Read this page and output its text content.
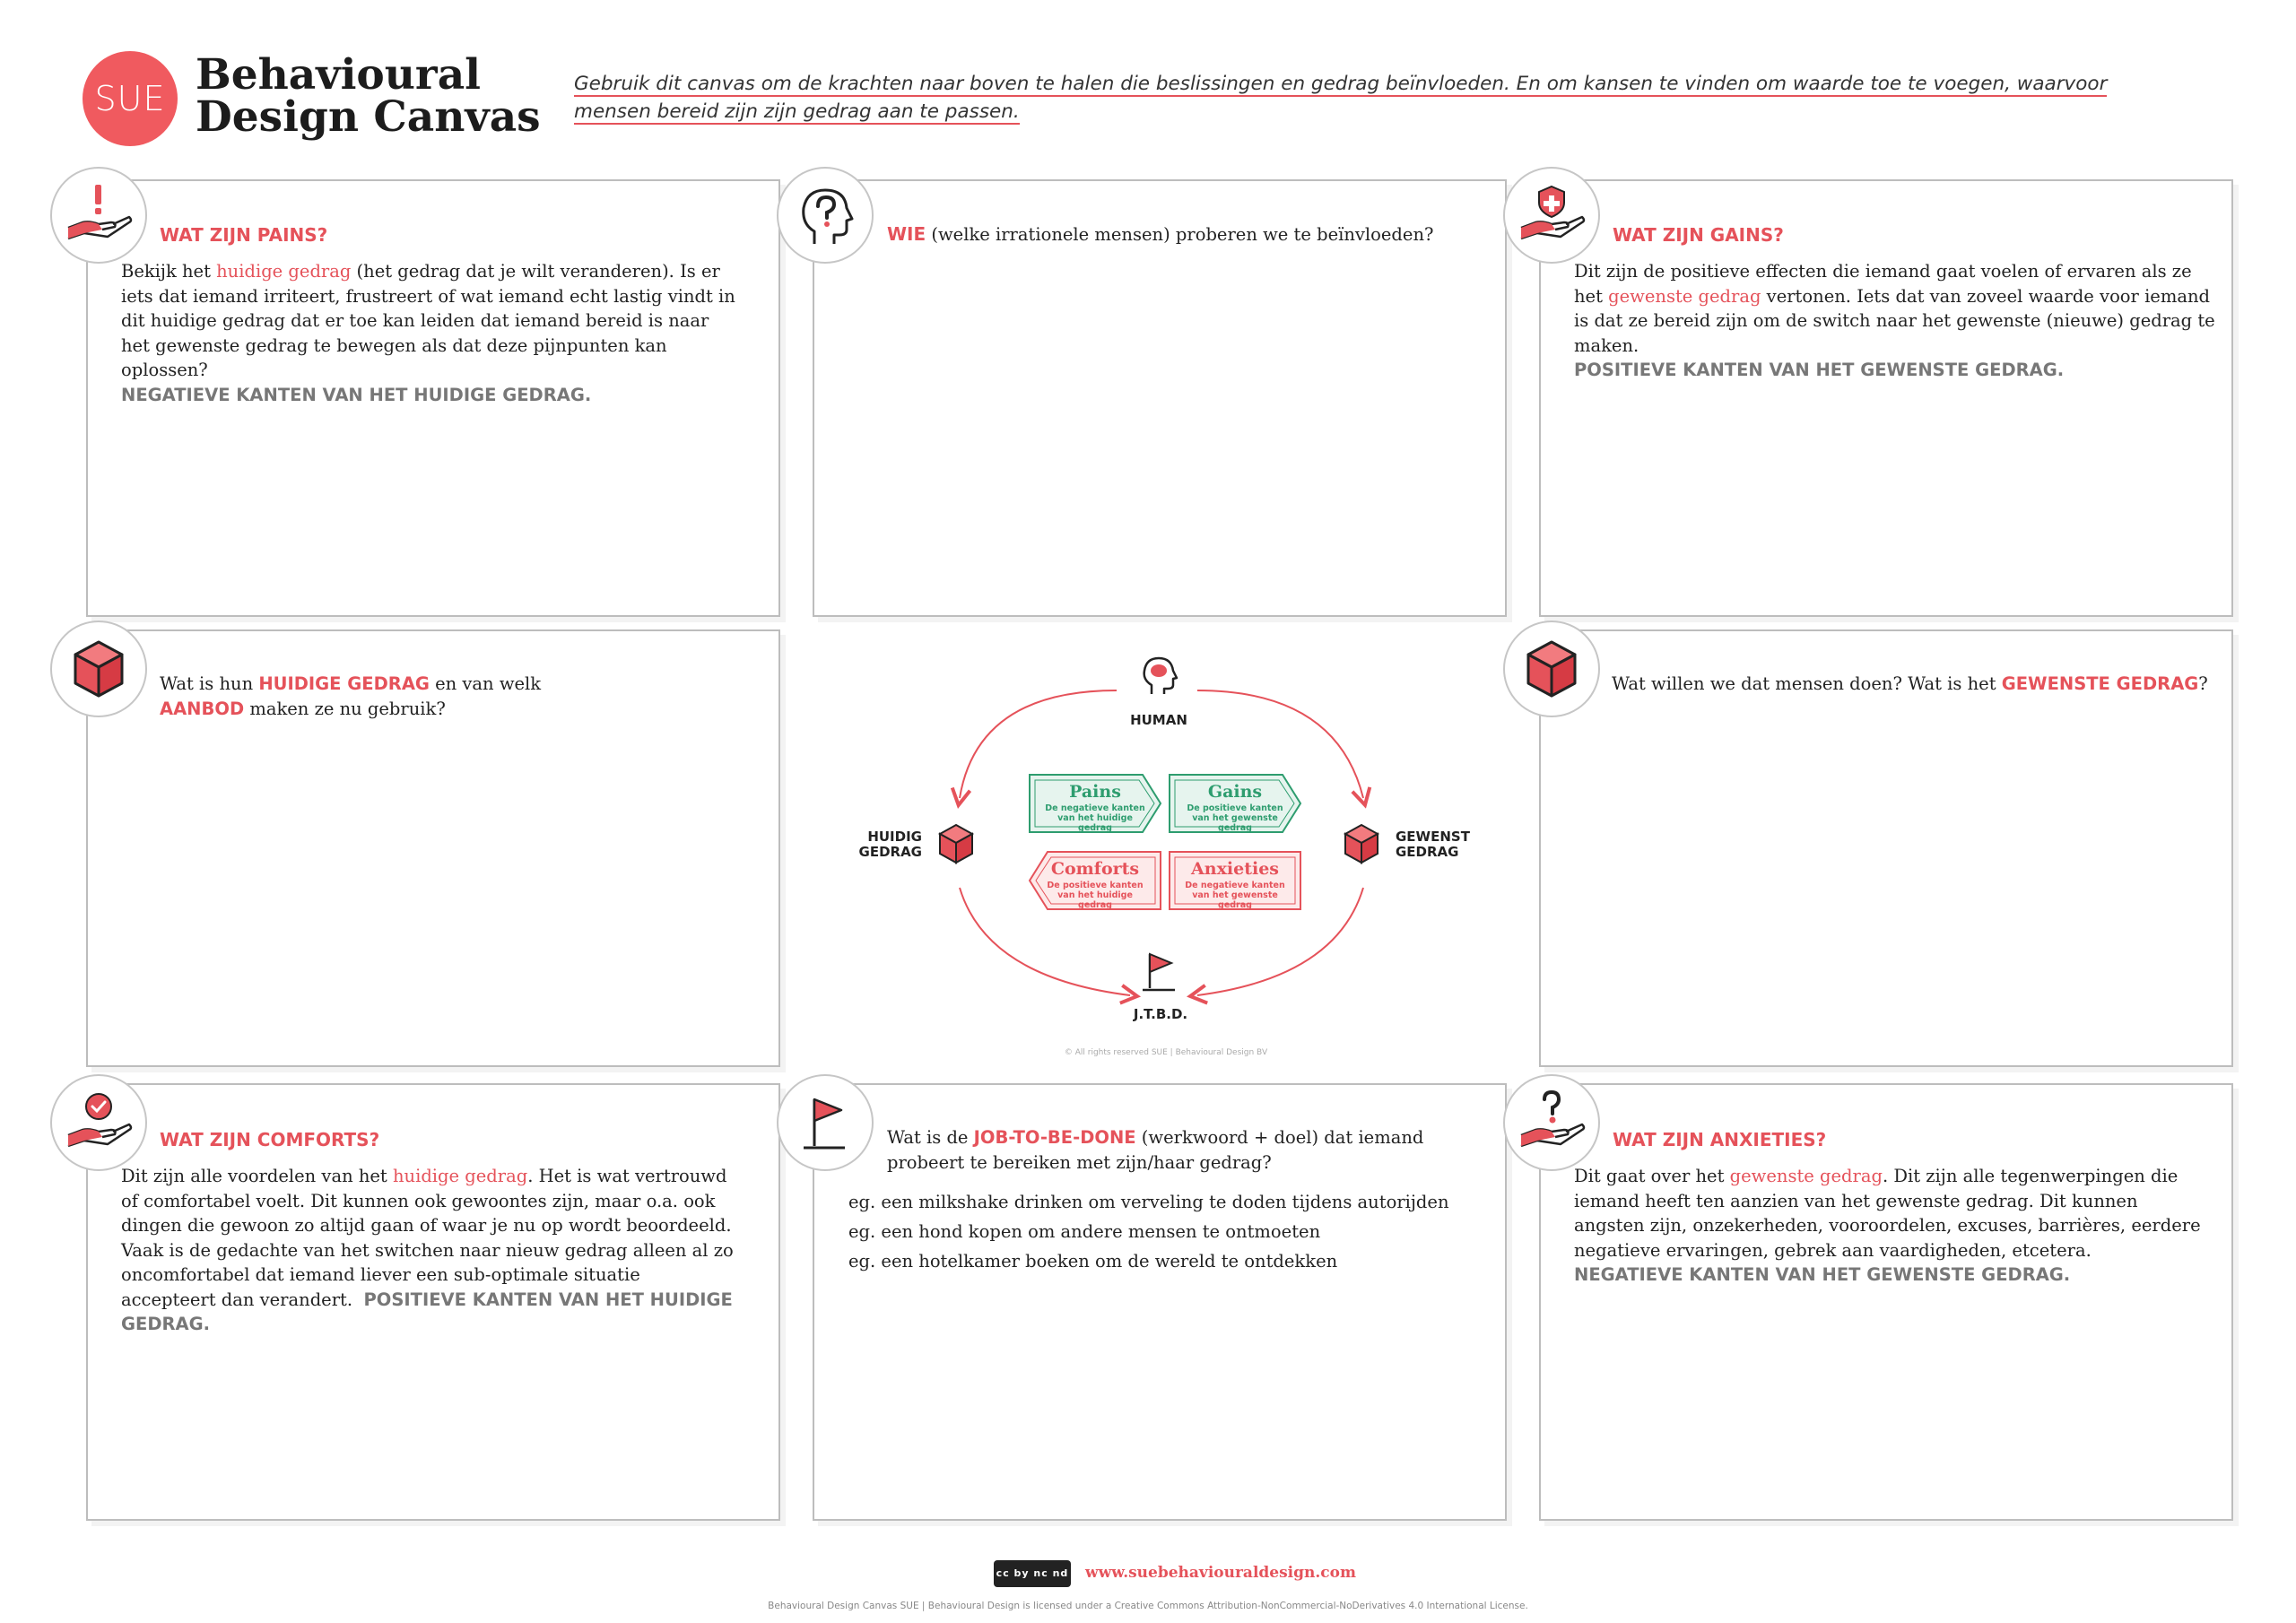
SUE Behavioural
Design Canvas
Gebruik dit canvas om de krachten naar boven te halen die beslissingen en gedrag beïnvloeden. En om kansen te vinden om waarde toe te voegen, waarvoor mensen bereid zijn zijn gedrag aan te passen.
WAT ZIJN PAINS?
Bekijk het huidige gedrag (het gedrag dat je wilt veranderen). Is er iets dat iemand irriteert, frustreert of wat iemand echt lastig vindt in dit huidige gedrag dat er toe kan leiden dat iemand bereid is naar het gewenste gedrag te bewegen als dat deze pijnpunten kan oplossen?
NEGATIEVE KANTEN VAN HET HUIDIGE GEDRAG.
WIE (welke irrationele mensen) proberen we te beïnvloeden?	WAT ZIJN GAINS?
Dit zijn de positieve effecten die iemand gaat voelen of ervaren als ze het gewenste gedrag vertonen. Iets dat van zoveel waarde voor iemand is dat ze bereid zijn om de switch naar het gewenste (nieuwe) gedrag te maken.
POSITIEVE KANTEN VAN HET GEWENSTE GEDRAG.
Wat is hun HUIDIGE GEDRAG en van welk
AANBOD maken ze nu gebruik?
Wat willen we dat mensen doen? Wat is het GEWENSTE GEDRAG?
HUMAN
HUIDIG
GEDRAG
GEWENST
GEDRAG
J.T.B.D.
Pains
De negatieve kanten van het huidige gedrag
Gains
De positieve kanten van het gewenste gedrag
Comforts
De positieve kanten van het huidige gedrag
Anxieties
De negatieve kanten van het gewenste gedrag
© All rights reserved SUE | Behavioural Design BV
WAT ZIJN COMFORTS?
Dit zijn alle voordelen van het huidige gedrag. Het is wat vertrouwd of comfortabel voelt. Dit kunnen ook gewoontes zijn, maar o.a. ook dingen die gewoon zo altijd gaan of waar je nu op wordt beoordeeld. Vaak is de gedachte van het switchen naar nieuw gedrag alleen al zo oncomfortabel dat iemand liever een sub-optimale situatie accepteert dan verandert. POSITIEVE KANTEN VAN HET HUIDIGE GEDRAG.
Wat is de JOB-TO-BE-DONE (werkwoord + doel) dat iemand probeert te bereiken met zijn/haar gedrag?
eg. een milkshake drinken om verveling te doden tijdens autorijden
eg. een hond kopen om andere mensen te ontmoeten
eg. een hotelkamer boeken om de wereld te ontdekken
WAT ZIJN ANXIETIES?
Dit gaat over het gewenste gedrag. Dit zijn alle tegenwerpingen die iemand heeft ten aanzien van het gewenste gedrag. Dit kunnen angsten zijn, onzekerheden, vooroordelen, excuses, barrières, eerdere negatieve ervaringen, gebrek aan vaardigheden, etcetera.
NEGATIEVE KANTEN VAN HET GEWENSTE GEDRAG.
cc by nc nd www.suebehaviouraldesign.com
Behavioural Design Canvas SUE | Behavioural Design is licensed under a Creative Commons Attribution-NonCommercial-NoDerivatives 4.0 International License.
